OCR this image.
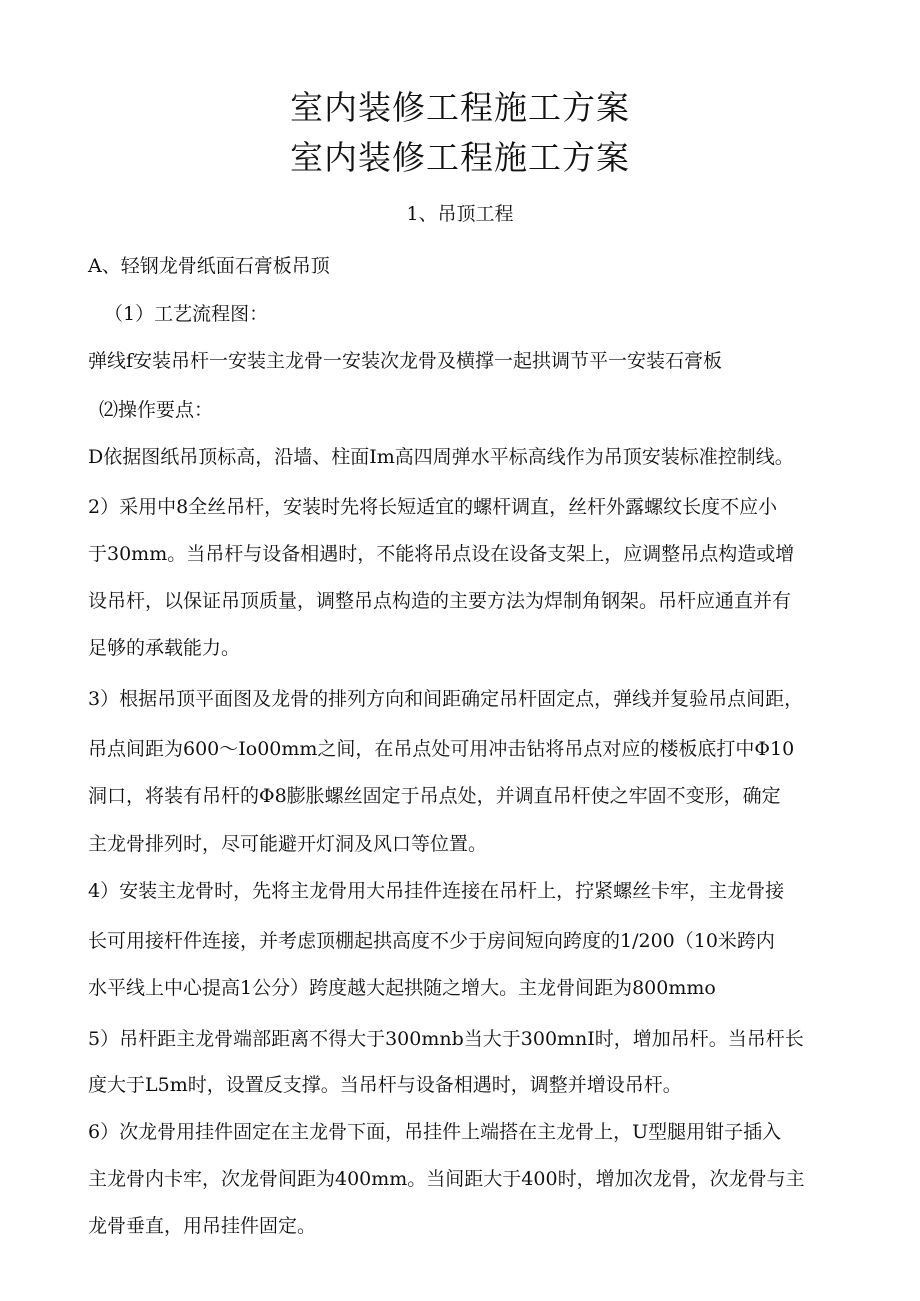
室内装修工程施工方案
室内装修工程施工方案
1、吊顶工程
A、轻钢龙骨纸面石膏板吊顶
（1）工艺流程图：
弹线f安装吊杆一安装主龙骨一安装次龙骨及横撑一起拱调节平一安装石膏板
⑵操作要点：
D依据图纸吊顶标高，沿墙、柱面Im高四周弹水平标高线作为吊顶安装标准控制线。
2）采用中8全丝吊杆，安装时先将长短适宜的螺杆调直，丝杆外露螺纹长度不应小
于30mm。当吊杆与设备相遇时，不能将吊点设在设备支架上，应调整吊点构造或增
设吊杆，以保证吊顶质量，调整吊点构造的主要方法为焊制角钢架。吊杆应通直并有
足够的承载能力。
3）根据吊顶平面图及龙骨的排列方向和间距确定吊杆固定点，弹线并复验吊点间距，
吊点间距为600〜Io00mm之间，在吊点处可用冲击钻将吊点对应的楼板底打中Φ10
洞口，将装有吊杆的Φ8膨胀螺丝固定于吊点处，并调直吊杆使之牢固不变形，确定
主龙骨排列时，尽可能避开灯洞及风口等位置。
4）安装主龙骨时，先将主龙骨用大吊挂件连接在吊杆上，拧紧螺丝卡牢，主龙骨接
长可用接杆件连接，并考虑顶棚起拱高度不少于房间短向跨度的1/200（10米跨内
水平线上中心提高1公分）跨度越大起拱随之增大。主龙骨间距为800mmo
5）吊杆距主龙骨端部距离不得大于300mnb当大于300mnI时，增加吊杆。当吊杆长
度大于L5m时，设置反支撑。当吊杆与设备相遇时，调整并增设吊杆。
6）次龙骨用挂件固定在主龙骨下面，吊挂件上端搭在主龙骨上，U型腿用钳子插入
主龙骨内卡牢，次龙骨间距为400mm。当间距大于400时，增加次龙骨，次龙骨与主
龙骨垂直，用吊挂件固定。
